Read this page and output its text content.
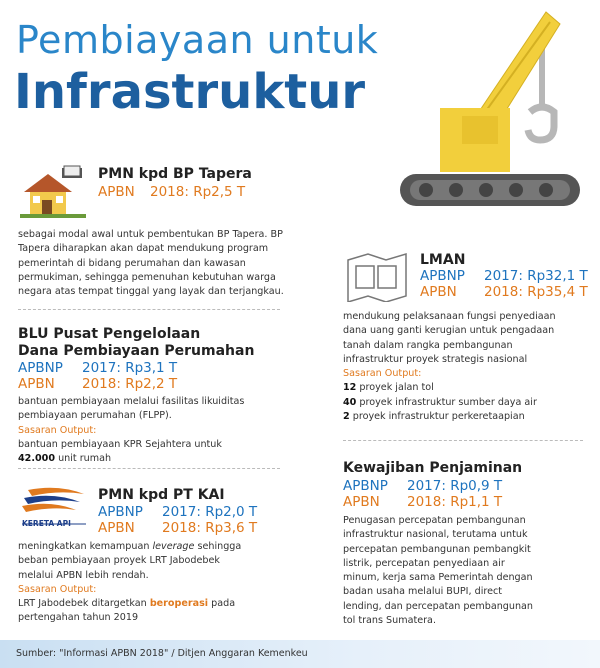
Pembiayaan untuk
Infrastruktur
PMN kpd BP Tapera
APBN 2018: Rp2,5 T

sebagai modal awal untuk pembentukan BP Tapera. BP

Tapera diharapkan akan dapat mendukung program

pemerintah di bidang perumahan dan kawasan

permukiman, sehingga pemenuhan kebutuhan warga

negara atas tempat tinggal yang layak dan terjangkau.

BLU Pusat Pengelolaan
Dana Pembiayaan Perumahan
APBNP 2017: Rp3,1 T
APBN 2018: Rp2,2 T

bantuan pembiayaan melalui fasilitas likuiditas

pembiayaan perumahan (FLPP).

Sasaran Output:

bantuan pembiayaan KPR Sejahtera untuk

42.000 unit rumah

KERETA API
PMN kpd PT KAI
APBNP 2017: Rp2,0 T
APBN 2018: Rp3,6 T

meningkatkan kemampuan leverage sehingga

beban pembiayaan proyek LRT Jabodebek

melalui APBN lebih rendah.

Sasaran Output:

LRT Jabodebek ditargetkan beroperasi pada

pertengahan tahun 2019

LMAN
APBNP 2017: Rp32,1 T
APBN 2018: Rp35,4 T

mendukung pelaksanaan fungsi penyediaan

dana uang ganti kerugian untuk pengadaan

tanah dalam rangka pembangunan

infrastruktur proyek strategis nasional

Sasaran Output:

12 proyek jalan tol

40 proyek infrastruktur sumber daya air

2 proyek infrastruktur perkeretaapian

Kewajiban Penjaminan
APBNP 2017: Rp0,9 T
APBN 2018: Rp1,1 T

Penugasan percepatan pembangunan

infrastruktur nasional, terutama untuk

percepatan pembangunan pembangkit

listrik, percepatan penyediaan air

minum, kerja sama Pemerintah dengan

badan usaha melalui BUPI, direct

lending, dan percepatan pembangunan

tol trans Sumatera.

Sumber: "Informasi APBN 2018" / Ditjen Anggaran Kemenkeu
